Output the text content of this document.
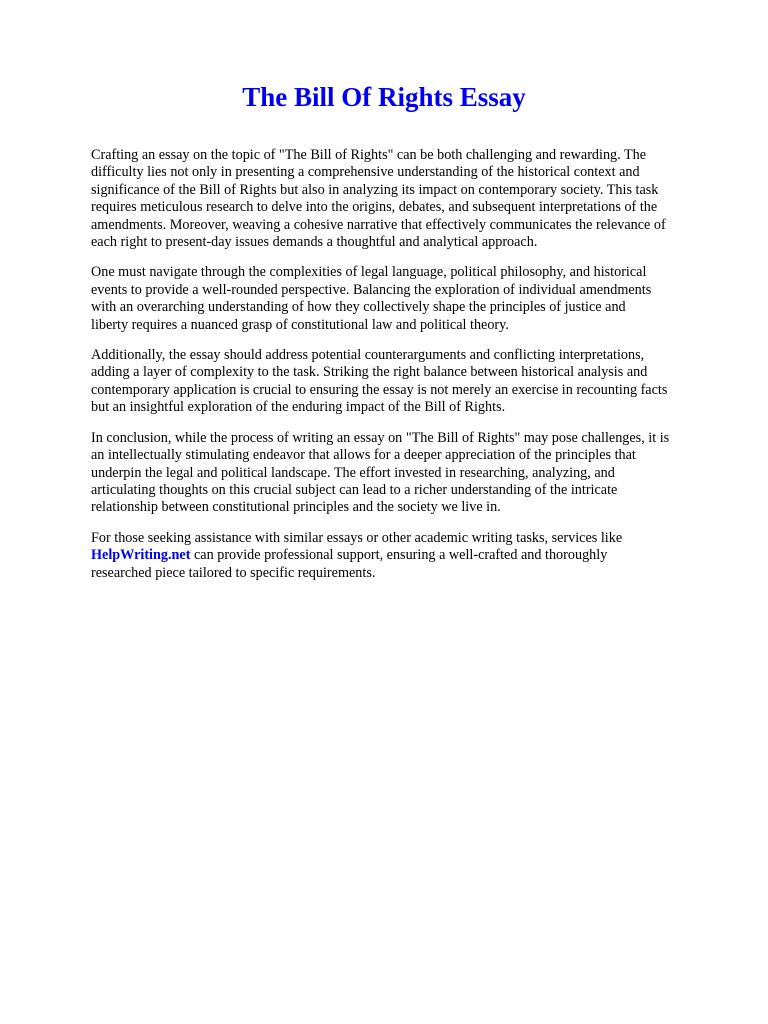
The Bill Of Rights Essay

Crafting an essay on the topic of "The Bill of Rights" can be both challenging and rewarding. The
difficulty lies not only in presenting a comprehensive understanding of the historical context and
significance of the Bill of Rights but also in analyzing its impact on contemporary society. This task
requires meticulous research to delve into the origins, debates, and subsequent interpretations of the
amendments. Moreover, weaving a cohesive narrative that effectively communicates the relevance of
each right to present-day issues demands a thoughtful and analytical approach.

One must navigate through the complexities of legal language, political philosophy, and historical
events to provide a well-rounded perspective. Balancing the exploration of individual amendments
with an overarching understanding of how they collectively shape the principles of justice and
liberty requires a nuanced grasp of constitutional law and political theory.

Additionally, the essay should address potential counterarguments and conflicting interpretations,
adding a layer of complexity to the task. Striking the right balance between historical analysis and
contemporary application is crucial to ensuring the essay is not merely an exercise in recounting facts
but an insightful exploration of the enduring impact of the Bill of Rights.

In conclusion, while the process of writing an essay on "The Bill of Rights" may pose challenges, it is
an intellectually stimulating endeavor that allows for a deeper appreciation of the principles that
underpin the legal and political landscape. The effort invested in researching, analyzing, and
articulating thoughts on this crucial subject can lead to a richer understanding of the intricate
relationship between constitutional principles and the society we live in.

For those seeking assistance with similar essays or other academic writing tasks, services like
HelpWriting.net can provide professional support, ensuring a well-crafted and thoroughly
researched piece tailored to specific requirements.
